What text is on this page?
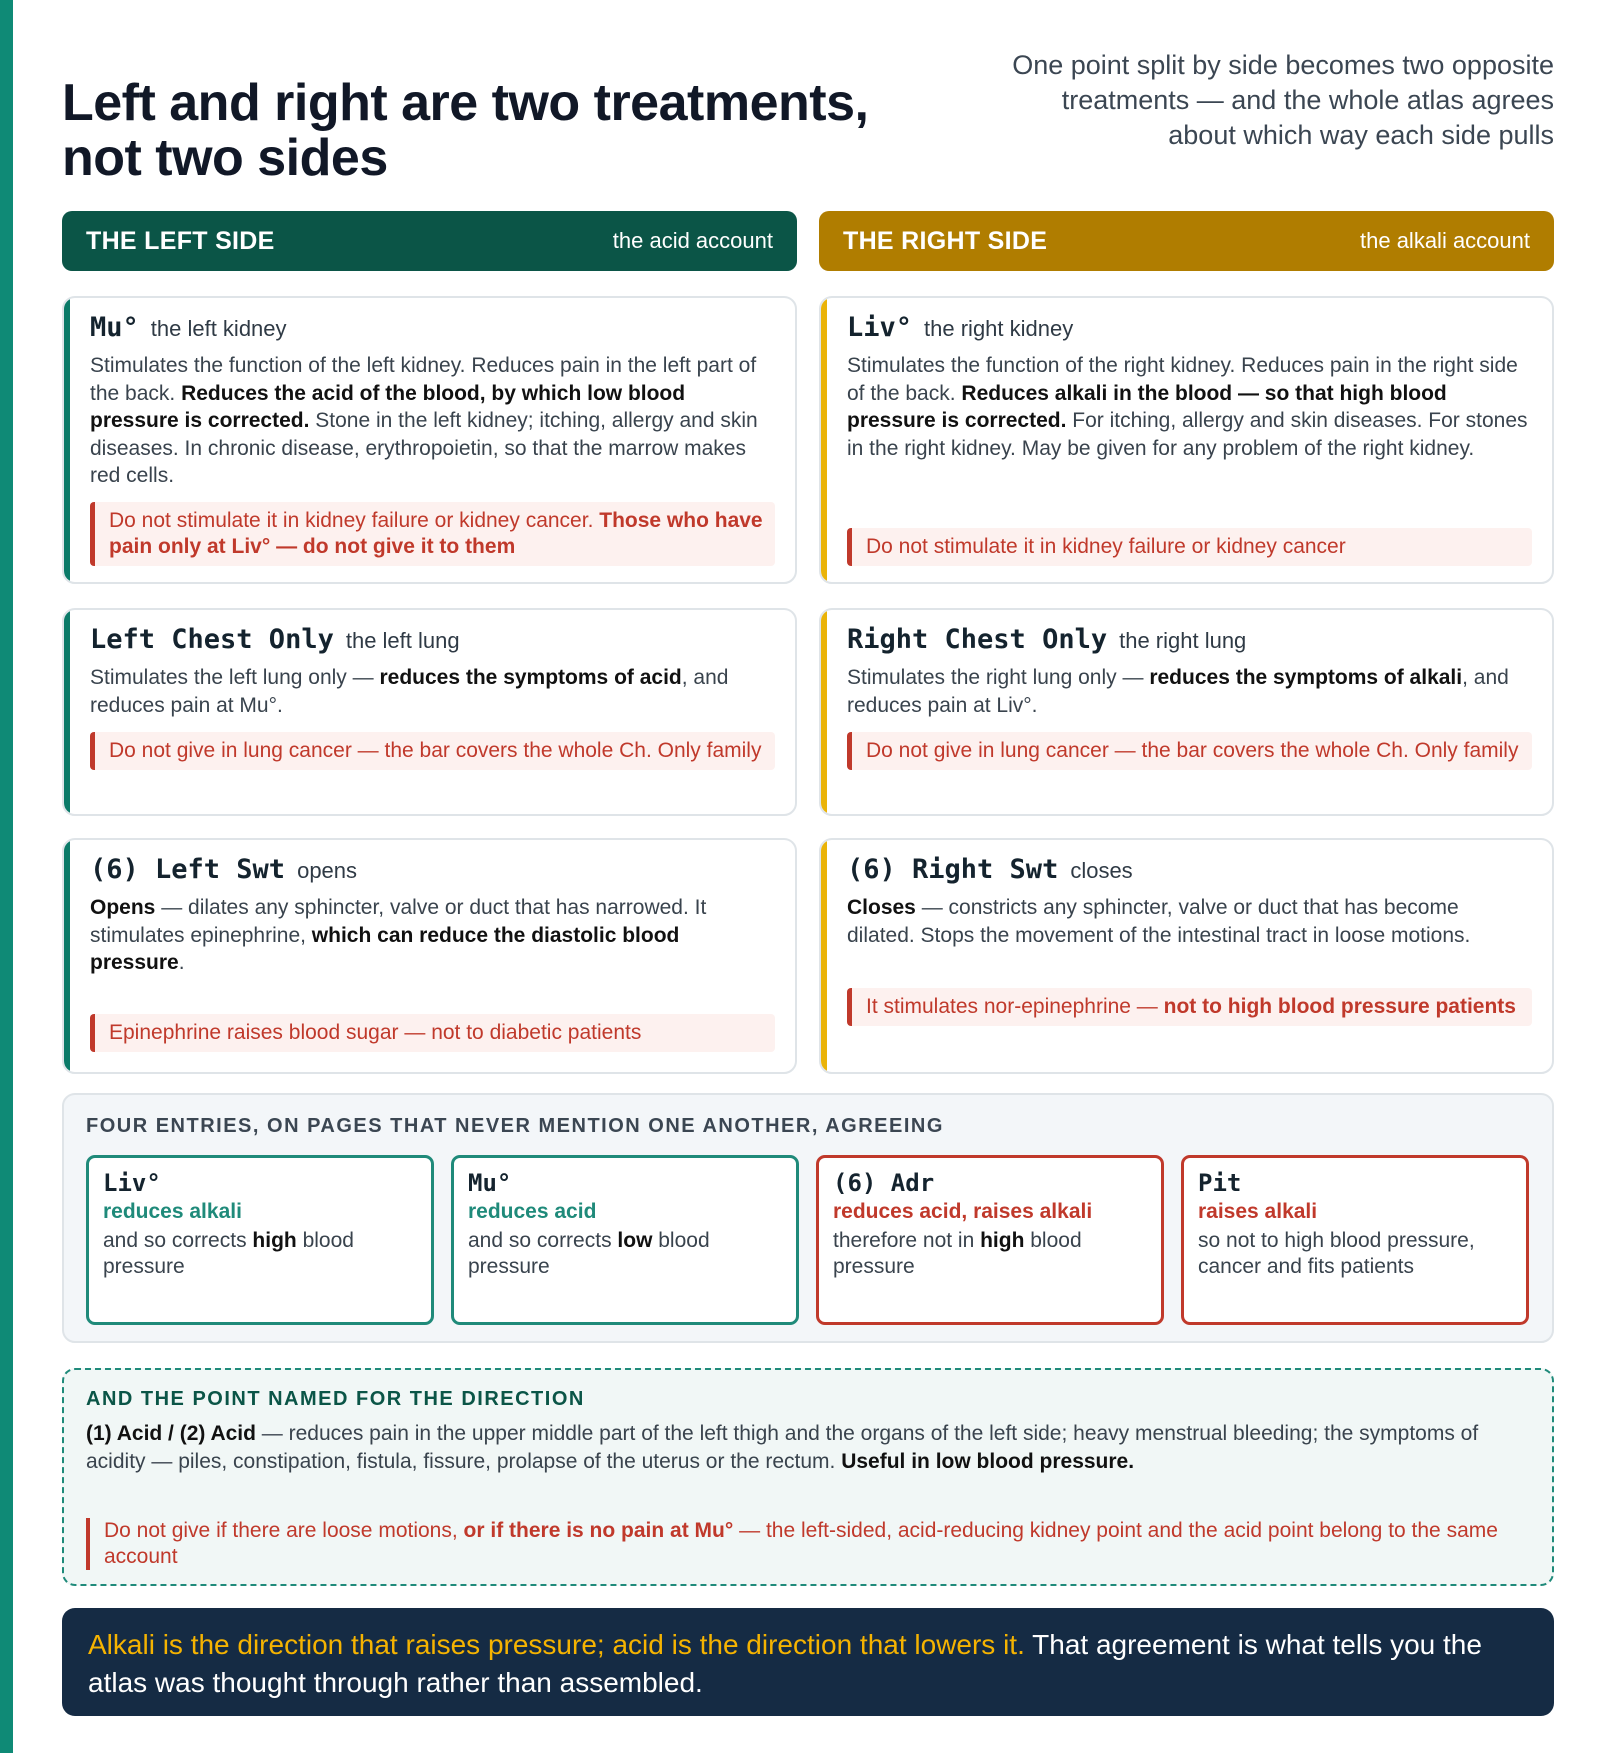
Left and right are two treatments,
not two sides

One point split by side becomes two opposite treatments — and the whole atlas agrees about which way each side pulls

THE LEFT SIDE	the acid account	THE RIGHT SIDE	the alkali account
Mu° the left kidney

Stimulates the function of the left kidney. Reduces pain in the left part of the back. Reduces the acid of the blood, by which low blood pressure is corrected. Stone in the left kidney; itching, allergy and skin diseases. In chronic disease, erythropoietin, so that the marrow makes red cells.

Do not stimulate it in kidney failure or kidney cancer. Those who have pain only at Liv° — do not give it to them
Liv° the right kidney

Stimulates the function of the right kidney. Reduces pain in the right side of the back. Reduces alkali in the blood — so that high blood pressure is corrected. For itching, allergy and skin diseases. For stones in the right kidney. May be given for any problem of the right kidney.

Do not stimulate it in kidney failure or kidney cancer
Left Chest Only the left lung

Stimulates the left lung only — reduces the symptoms of acid, and reduces pain at Mu°.

Do not give in lung cancer — the bar covers the whole Ch. Only family
Right Chest Only the right lung

Stimulates the right lung only — reduces the symptoms of alkali, and reduces pain at Liv°.

Do not give in lung cancer — the bar covers the whole Ch. Only family
(6) Left Swt opens

Opens — dilates any sphincter, valve or duct that has narrowed. It stimulates epinephrine, which can reduce the diastolic blood pressure.

Epinephrine raises blood sugar — not to diabetic patients
(6) Right Swt closes

Closes — constricts any sphincter, valve or duct that has become dilated. Stops the movement of the intestinal tract in loose motions.

It stimulates nor-epinephrine — not to high blood pressure patients
FOUR ENTRIES, ON PAGES THAT NEVER MENTION ONE ANOTHER, AGREEING
Liv°
reduces alkali
and so corrects high blood pressure
Mu°
reduces acid
and so corrects low blood pressure
(6) Adr
reduces acid, raises alkali
therefore not in high blood pressure
Pit
raises alkali
so not to high blood pressure, cancer and fits patients
AND THE POINT NAMED FOR THE DIRECTION

(1) Acid / (2) Acid — reduces pain in the upper middle part of the left thigh and the organs of the left side; heavy menstrual bleeding; the symptoms of acidity — piles, constipation, fistula, fissure, prolapse of the uterus or the rectum. Useful in low blood pressure.

Do not give if there are loose motions, or if there is no pain at Mu° — the left-sided, acid-reducing kidney point and the acid point belong to the same account

Alkali is the direction that raises pressure; acid is the direction that lowers it. That agreement is what tells you the atlas was thought through rather than assembled.
